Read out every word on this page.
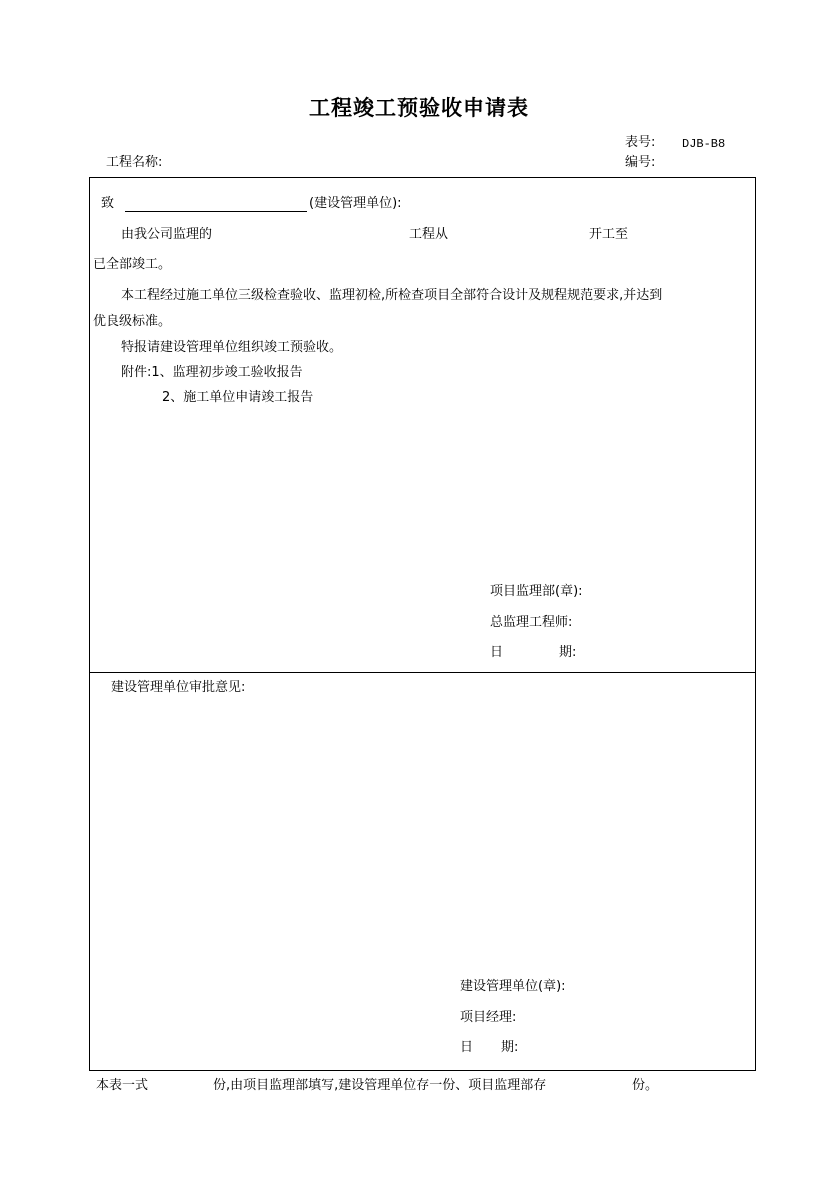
工程竣工预验收申请表
表号: DJB-B8
工程名称:	编号:
致	(建设管理单位):
由我公司监理的	工程从	开工至
已全部竣工。
本工程经过施工单位三级检查验收、监理初检,所检查项目全部符合设计及规程规范要求,并达到
优良级标准。
特报请建设管理单位组织竣工预验收。
附件:1、监理初步竣工验收报告
2、施工单位申请竣工报告
项目监理部(章):
总监理工程师:
日	期:
建设管理单位审批意见:
建设管理单位(章):
项目经理:
日 期:
本表一式	份,由项目监理部填写,建设管理单位存一份、项目监理部存	份。
